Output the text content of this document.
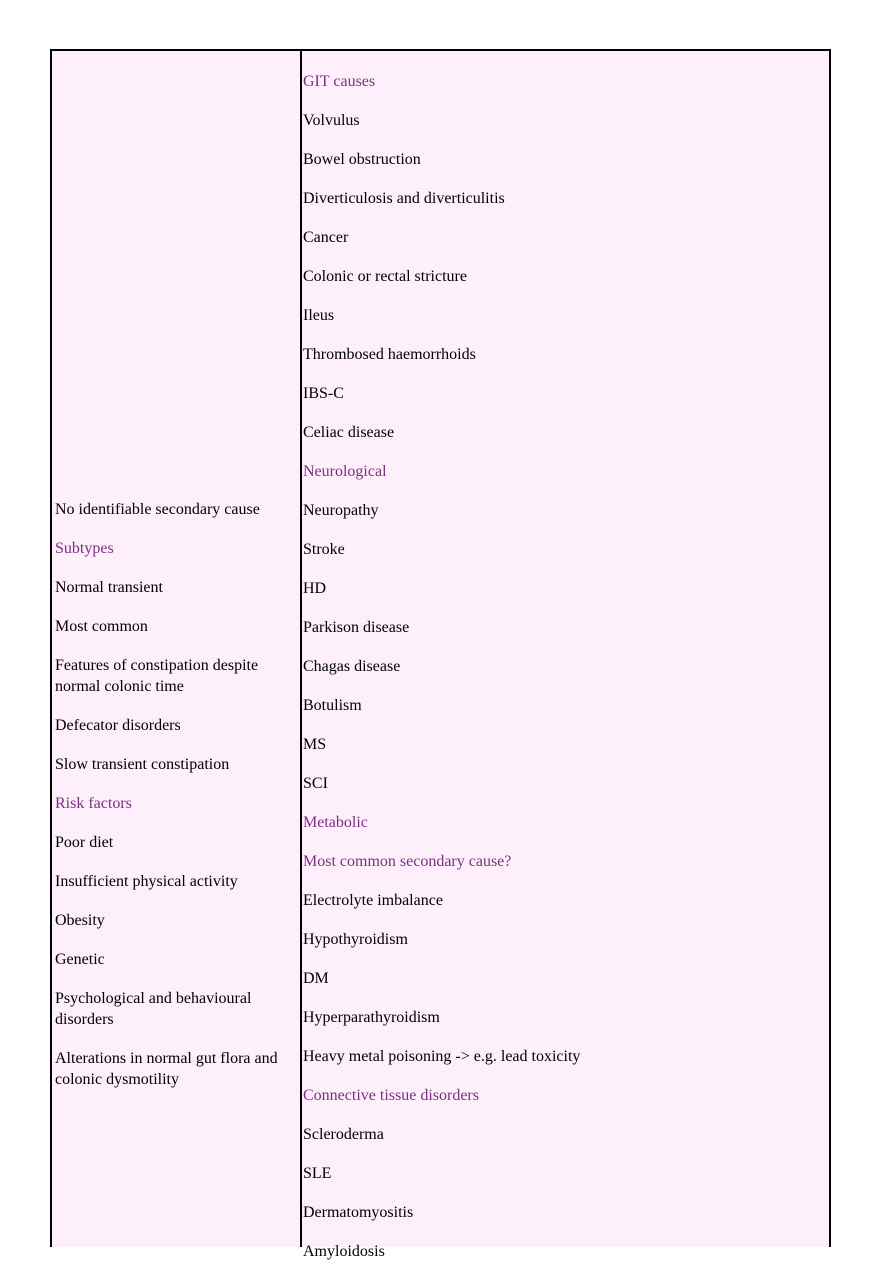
No identifiable secondary cause
Subtypes
Normal transient
Most common
Features of constipation despite normal colonic time
Defecator disorders
Slow transient constipation
Risk factors
Poor diet
Insufficient physical activity
Obesity
Genetic
Psychological and behavioural disorders
Alterations in normal gut flora and colonic dysmotility
GIT causes
Volvulus
Bowel obstruction
Diverticulosis and diverticulitis
Cancer
Colonic or rectal stricture
Ileus
Thrombosed haemorrhoids
IBS-C
Celiac disease
Neurological
Neuropathy
Stroke
HD
Parkison disease
Chagas disease
Botulism
MS
SCI
Metabolic
Most common secondary cause?
Electrolyte imbalance
Hypothyroidism
DM
Hyperparathyroidism
Heavy metal poisoning -> e.g. lead toxicity
Connective tissue disorders
Scleroderma
SLE
Dermatomyositis
Amyloidosis
